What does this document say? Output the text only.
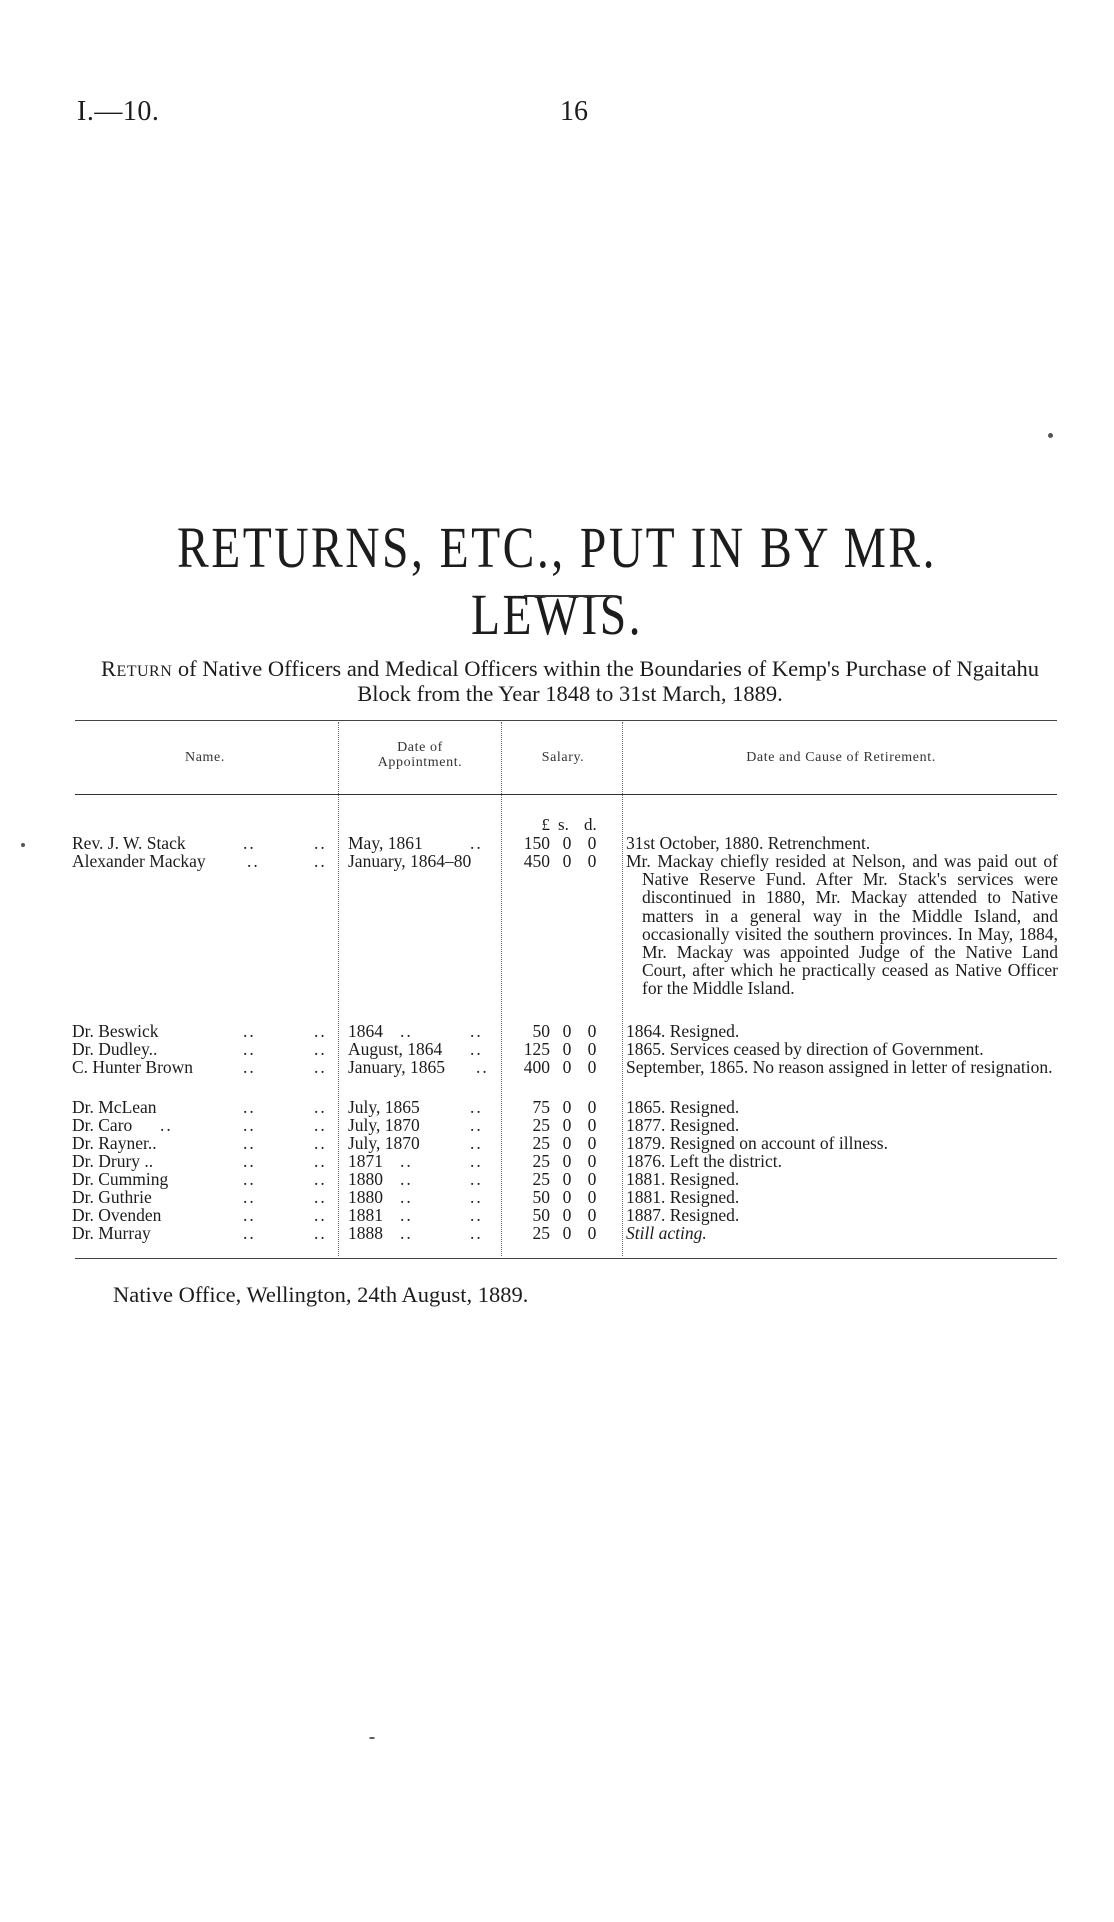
I.—10.	16
RETURNS, ETC., PUT IN BY MR. LEWIS.
Return of Native Officers and Medical Officers within the Boundaries of Kemp's Purchase of Ngaitahu Block from the Year 1848 to 31st March, 1889.
Name.
Date of
Appointment.	Salary.	Date and Cause of Retirement.
£ s. d.
Rev. J. W. Stack	..	.. May, 1861	..	150 0 0 31st October, 1880. Retrenchment.
Alexander Mackay ..	.. January, 1864–80	450 0 0 Mr. Mackay chiefly resided at Nelson, and was paid out of Native Reserve Fund. After Mr. Stack's services were discontinued in 1880, Mr. Mackay attended to Native matters in a general way in the Middle Island, and occasionally visited the southern provinces. In May, 1884, Mr. Mackay was appointed Judge of the Native Land Court, after which he practically ceased as Native Officer for the Middle Island.
Dr. Beswick	..	.. 1864 ..	..	50 0 0 1864. Resigned.
Dr. Dudley..	..	.. August, 1864 ..	125 0 0 1865. Services ceased by direction of Government.
C. Hunter Brown	..	.. January, 1865 ..	400 0 0 September, 1865. No reason assigned in letter of resignation.
Dr. McLean	..	.. July, 1865	..	75 0 0 1865. Resigned.
Dr. Caro ..	..	.. July, 1870	..	25 0 0 1877. Resigned.
Dr. Rayner..	..	.. July, 1870	..	25 0 0 1879. Resigned on account of illness.
Dr. Drury ..	..	.. 1871 ..	..	25 0 0 1876. Left the district.
Dr. Cumming	..	.. 1880 ..	..	25 0 0 1881. Resigned.
Dr. Guthrie	..	.. 1880 ..	..	50 0 0 1881. Resigned.
Dr. Ovenden	..	.. 1881 ..	..	50 0 0 1887. Resigned.
Dr. Murray	..	.. 1888 ..	..	25 0 0 Still acting.
Native Office, Wellington, 24th August, 1889.
